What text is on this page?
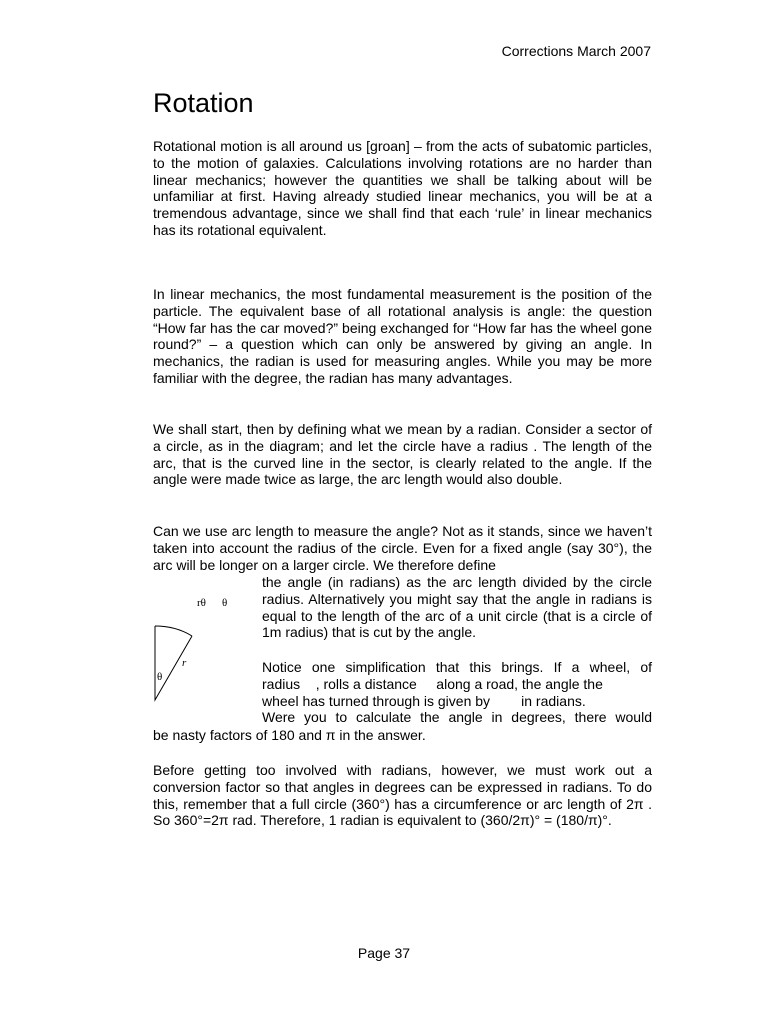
Corrections March 2007
Rotation

Rotational motion is all around us [groan] – from the acts of subatomic particles, to the motion of galaxies. Calculations involving rotations are no harder than linear mechanics; however the quantities we shall be talking about will be unfamiliar at first. Having already studied linear mechanics, you will be at a tremendous advantage, since we shall find that each ‘rule’ in linear mechanics has its rotational equivalent.

In linear mechanics, the most fundamental measurement is the position of the particle. The equivalent base of all rotational analysis is angle: the question “How far has the car moved?” being exchanged for “How far has the wheel gone round?” – a question which can only be answered by giving an angle. In mechanics, the radian is used for measuring angles. While you may be more familiar with the degree, the radian has many advantages.

We shall start, then by defining what we mean by a radian. Consider a sector of a circle, as in the diagram; and let the circle have a radius . The length of the arc, that is the curved line in the sector, is clearly related to the angle. If the angle were made twice as large, the arc length would also double.

Can we use arc length to measure the angle? Not as it stands, since we haven’t taken into account the radius of the circle. Even for a fixed angle (say 30°), the arc will be longer on a larger circle. We therefore define

the angle (in radians) as the arc length divided by the circle radius. Alternatively you might say that the angle in radians is equal to the length of the arc of a unit circle (that is a circle of 1m radius) that is cut by the angle.

rθ θ
r
θ
Notice one simplification that this brings. If a wheel, of
radius    , rolls a distance     along a road, the angle the
wheel has turned through is given by        in radians.
Were you to calculate the angle in degrees, there would

be nasty factors of 180 and π in the answer.

Before getting too involved with radians, however, we must work out a conversion factor so that angles in degrees can be expressed in radians. To do this, remember that a full circle (360°) has a circumference or arc length of 2π . So 360°=2π rad. Therefore, 1 radian is equivalent to (360/2π)° = (180/π)°.

Page 37
